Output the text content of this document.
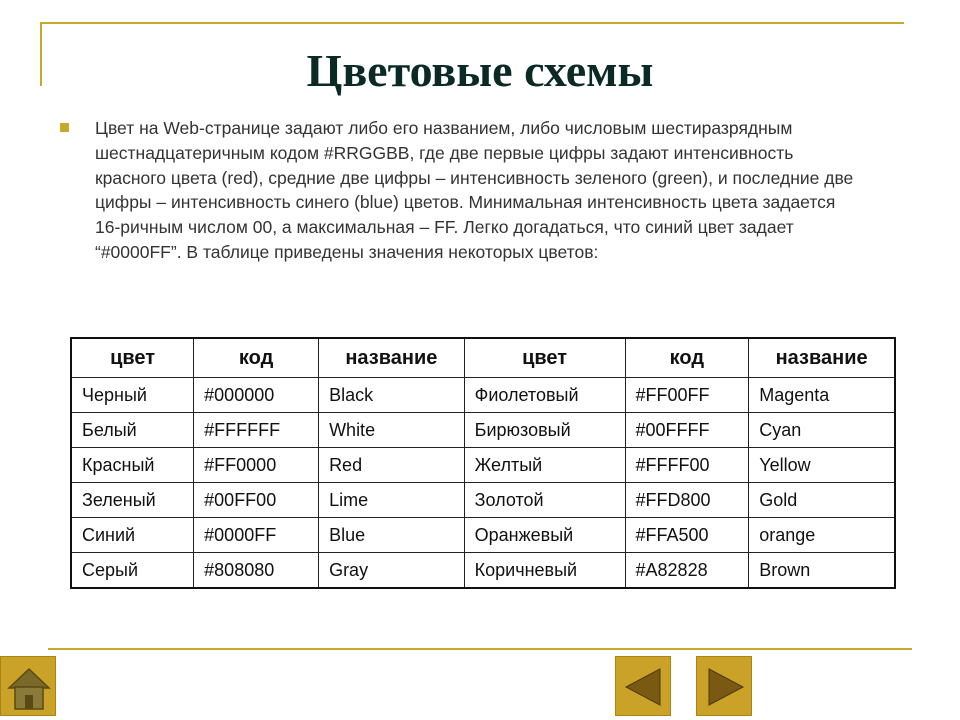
Цветовые схемы
Цвет на Web-странице задают либо его названием, либо числовым шестиразрядным шестнадцатеричным кодом #RRGGBB, где две первые цифры задают интенсивность красного цвета (red), средние две цифры – интенсивность зеленого (green), и последние две цифры – интенсивность синего (blue) цветов. Минимальная интенсивность цвета задается 16-ричным числом 00, а максимальная – FF. Легко догадаться, что синий цвет задает “#0000FF”. В таблице приведены значения некоторых цветов:
цвет	код	название	цвет	код	название
Черный	#000000	Black	Фиолетовый	#FF00FF	Magenta
Белый	#FFFFFF	White	Бирюзовый	#00FFFF	Cyan
Красный	#FF0000	Red	Желтый	#FFFF00	Yellow
Зеленый	#00FF00	Lime	Золотой	#FFD800	Gold
Синий	#0000FF	Blue	Оранжевый	#FFA500	orange
Серый	#808080	Gray	Коричневый	#A82828	Brown
